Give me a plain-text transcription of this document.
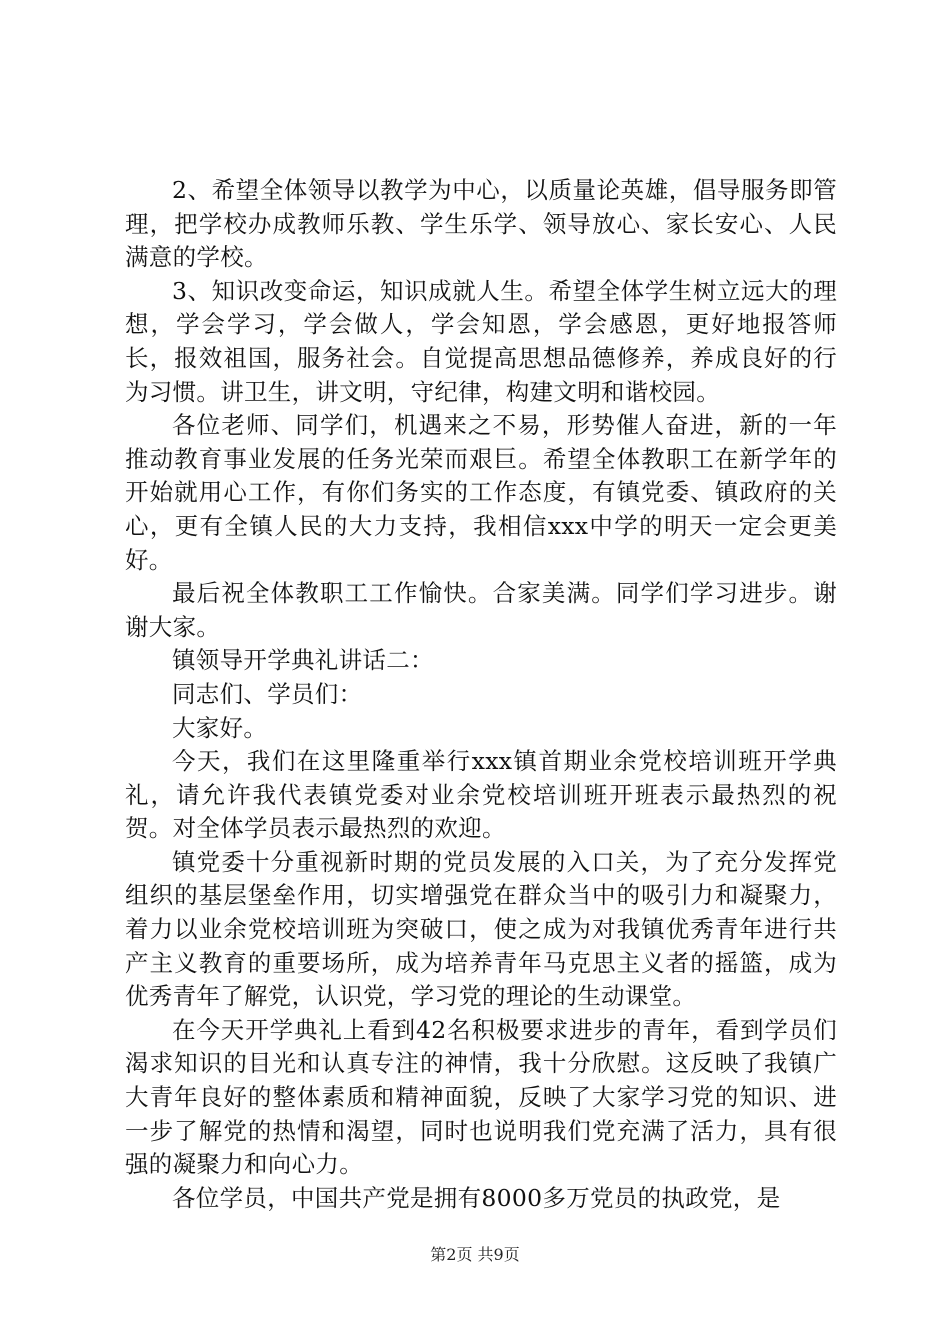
2、希望全体领导以教学为中心，以质量论英雄，倡导服务即管理，把学校办成教师乐教、学生乐学、领导放心、家长安心、人民满意的学校。

3、知识改变命运，知识成就人生。希望全体学生树立远大的理想，学会学习，学会做人，学会知恩，学会感恩，更好地报答师长，报效祖国，服务社会。自觉提高思想品德修养，养成良好的行为习惯。讲卫生，讲文明，守纪律，构建文明和谐校园。

各位老师、同学们，机遇来之不易，形势催人奋进，新的一年推动教育事业发展的任务光荣而艰巨。希望全体教职工在新学年的开始就用心工作，有你们务实的工作态度，有镇党委、镇政府的关心，更有全镇人民的大力支持，我相信xxx中学的明天一定会更美好。

最后祝全体教职工工作愉快。合家美满。同学们学习进步。谢谢大家。

镇领导开学典礼讲话二：

同志们、学员们：

大家好。

今天，我们在这里隆重举行xxx镇首期业余党校培训班开学典礼，请允许我代表镇党委对业余党校培训班开班表示最热烈的祝贺。对全体学员表示最热烈的欢迎。

镇党委十分重视新时期的党员发展的入口关，为了充分发挥党组织的基层堡垒作用，切实增强党在群众当中的吸引力和凝聚力，着力以业余党校培训班为突破口，使之成为对我镇优秀青年进行共产主义教育的重要场所，成为培养青年马克思主义者的摇篮，成为优秀青年了解党，认识党，学习党的理论的生动课堂。

在今天开学典礼上看到42名积极要求进步的青年，看到学员们渴求知识的目光和认真专注的神情，我十分欣慰。这反映了我镇广大青年良好的整体素质和精神面貌，反映了大家学习党的知识、进一步了解党的热情和渴望，同时也说明我们党充满了活力，具有很强的凝聚力和向心力。

各位学员，中国共产党是拥有8000多万党员的执政党，是

第2页 共9页
